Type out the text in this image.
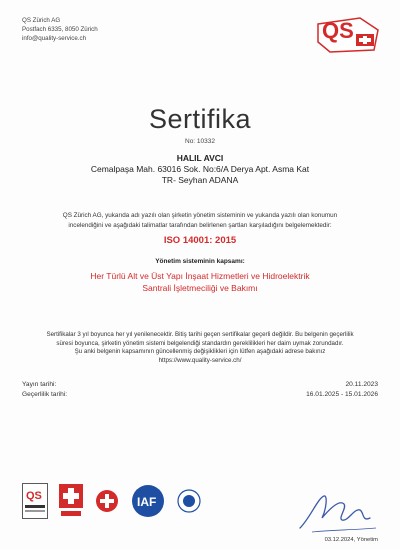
QS Zürich AG
Postfach 6335, 8050 Zürich
info@quality-service.ch	QS
Sertifika
No: 10332
HALIL AVCI
Cemalpaşa Mah. 63016 Sok. No:6/A Derya Apt. Asma Kat
TR- Seyhan ADANA
QS Zürich AG, yukarıda adı yazılı olan şirketin yönetim sisteminin ve yukarıda yazılı olan konumun incelendiğini ve aşağıdaki talimatlar tarafından belirlenen şartları karşıladığını belgelemektedir:
ISO 14001: 2015
Yönetim sisteminin kapsamı:
Her Türlü Alt ve Üst Yapı İnşaat Hizmetleri ve Hidroelektrik Santrali İşletmeciliği ve Bakımı
Sertifikalar 3 yıl boyunca her yıl yenilenecektir. Bitiş tarihi geçen sertifikalar geçerli değildir. Bu belgenin geçerlilik süresi boyunca, şirketin yönetim sistemi belgelendiği standardın gereklilikleri her daim uymak zorundadır.
Şu anki belgenin kapsamının güncellenmiş değişiklikleri için lütfen aşağıdaki adrese bakınız
https://www.quality-service.ch/
Yayın tarihi:	20.11.2023
Geçerlilik tarihi:	16.01.2025 - 15.01.2026
QS	IAF
03.12.2024, Yönetim
